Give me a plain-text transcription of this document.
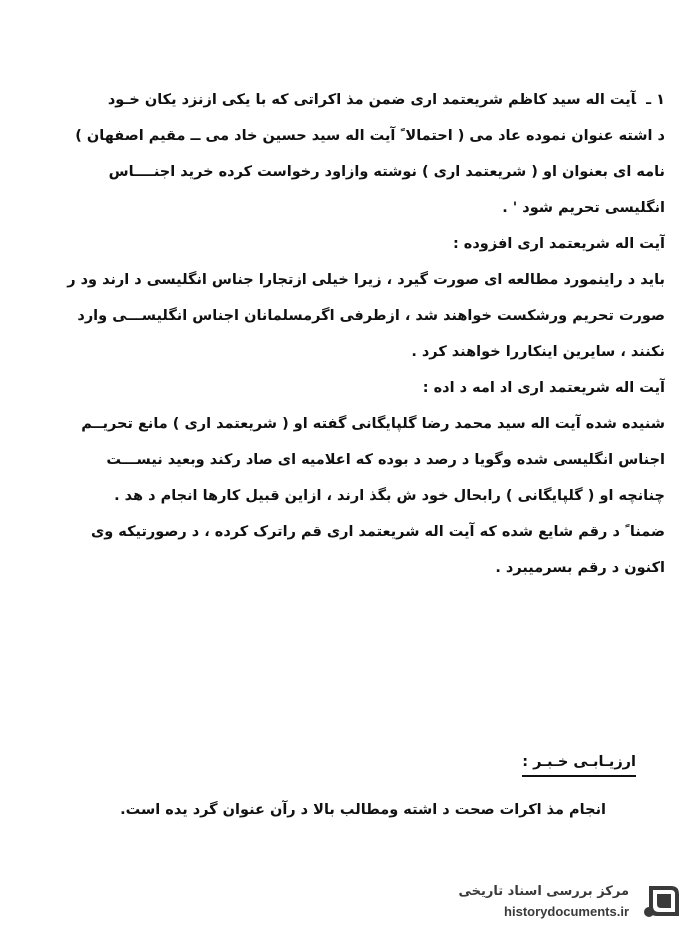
۱ ـآیت اله سید کاظم شریعتمد اری ضمن مذ اکراتی که با یکی ازنزد یکان خـود
د اشته عنوان نموده عاد می ( احتمالا ً آیت اله سید حسین خاد می ــ مقیم اصفهان )
نامه ای بعنوان او ( شریعتمد اری ) نوشته وازاود رخواست کرده خرید اجنــــاس
انگلیسی تحریم شود ' .
آیت اله شریعتمد اری افزوده :
باید د راینمورد مطالعه ای صورت گیرد ، زیرا خیلی ازتجارا جناس انگلیسی د ارند ود ر
صورت تحریم ورشکست خواهند شد ، ازطرفی اگرمسلمانان اجناس انگلیســـی وارد
نکنند ، سایرین اینکاررا خواهند کرد .
آیت اله شریعتمد اری اد امه د اده :
شنیده شده آیت اله سید محمد رضا گلپایگانی گفته او ( شریعتمد اری ) مانع تحریــم
اجناس انگلیسی شده وگویا د رصد د بوده که اعلامیه ای صاد رکند وبعید نیســـت
چنانچه او ( گلپایگانی ) رابحال خود ش بگذ ارند ، ازاین قبیل کارها انجام د هد .
ضمنا ً د رقم شایع شده که آیت اله شریعتمد اری قم راترک کرده ، د رصورتیکه وی
اکنون د رقم بسرمیبرد .
ارزیـابـی خـبـر :
انجام مذ اکرات صحت د اشته ومطالب بالا د رآن عنوان گرد یده است.
مرکز بررسی اسناد تاریخی
historydocuments.ir
